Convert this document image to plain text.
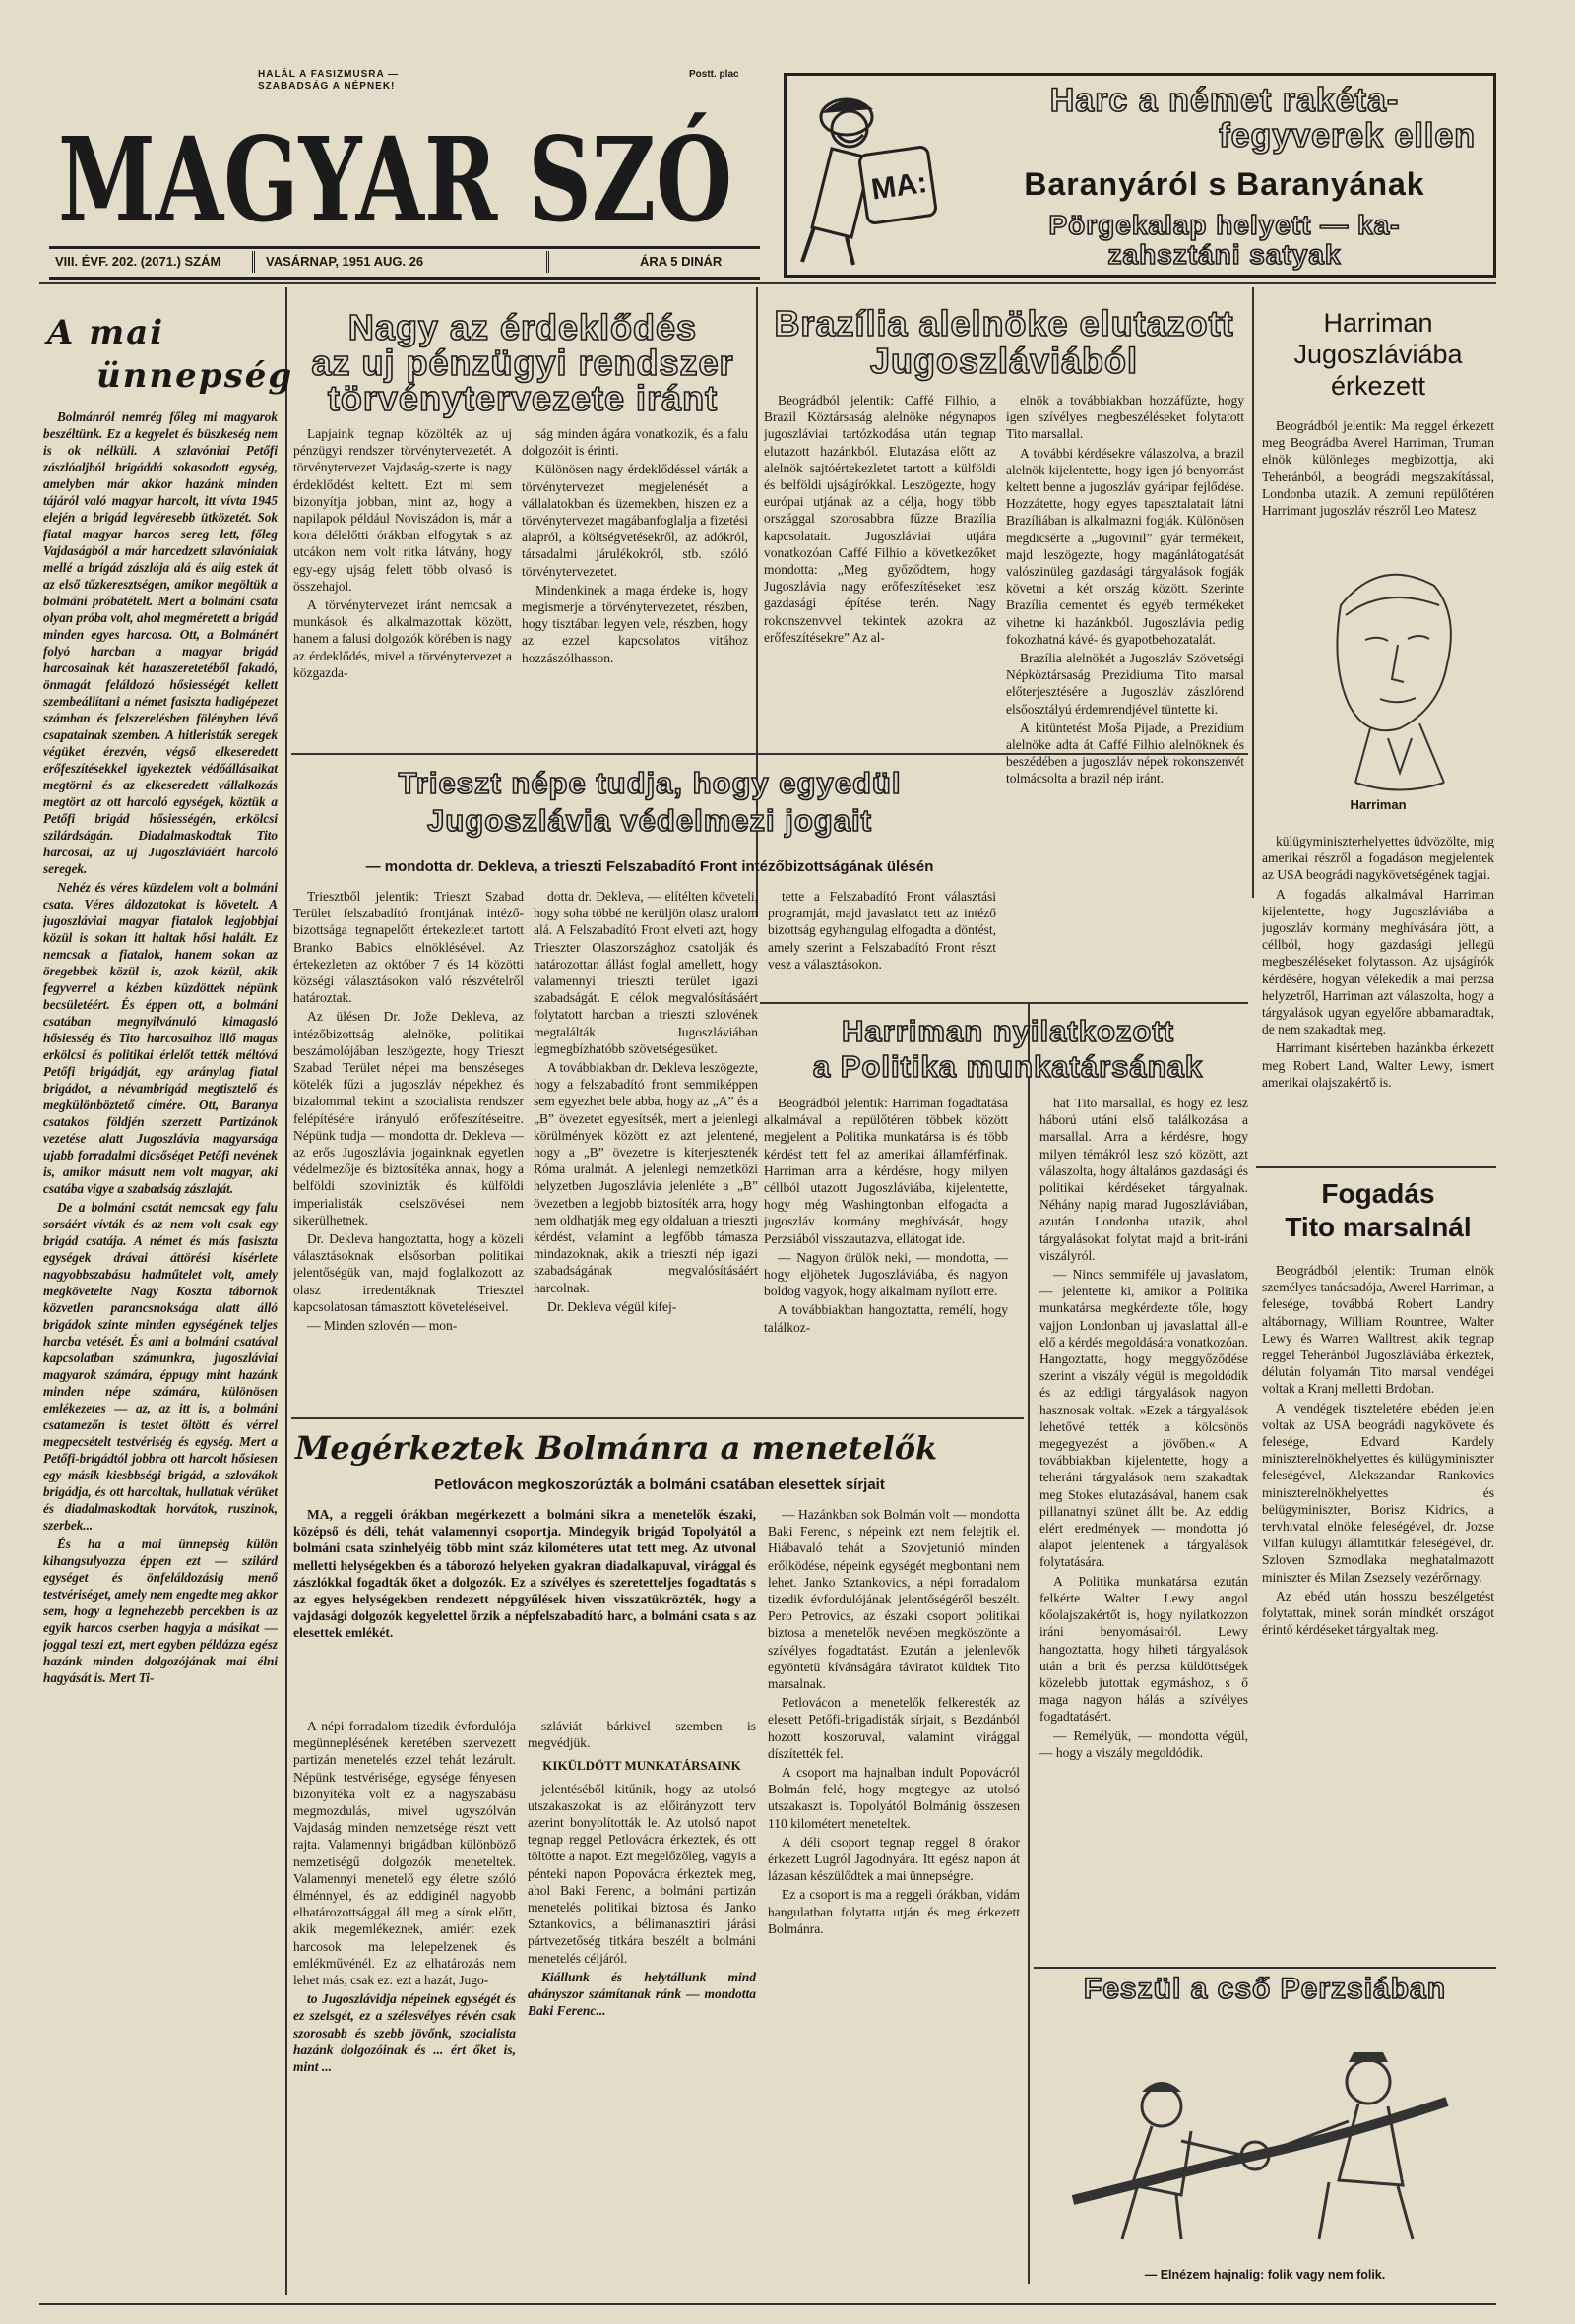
HALÁL A FASIZMUSRA — SZABADSÁG A NÉPNEK!
Postt. plac
MAGYAR SZÓ
VIII. ÉVF. 202. (2071.) SZÁM	VASÁRNAP, 1951 AUG. 26	ÁRA 5 DINÁR
MA:
Harc a német rakéta-
fegyverek ellen
Baranyáról s Baranyának
Pörgekalap helyett — ka-
zahsztáni satyak
A mai
ünnepség

Bolmánról nemrég főleg mi magyarok beszéltünk. Ez a kegyelet és büszkeség nem is ok nélküli. A szlavóniai Petőfi zászlóaljból brigáddá sokasodott egység, amelyben már akkor hazánk minden tájáról való magyar harcolt, itt vívta 1945 elején a brigád legvéresebb ütközetét. Sok fiatal magyar harcos sereg lett, főleg Vajdaságból a már harcedzett szlavóniaiak mellé a brigád zászlója alá és alig estek át az első tűzkeresztségen, amikor megöltük a bolmáni próbatételt. Mert a bolmáni csata olyan próba volt, ahol megméretett a brigád minden egyes harcosa. Ott, a Bolmánért folyó harcban a magyar brigád harcosainak két hazaszeretetéből fakadó, önmagát feláldozó hősiességét kellett szembeállítani a német fasiszta hadigépezet számban és felszerelésben fölényben lévő csapatainak szemben. A hitleristák seregek végüket érezvén, végső elkeseredett erőfeszítésekkel igyekeztek védőállásaikat megtörni és az elkeseredett vállalkozás megtört az ott harcoló egységek, köztük a Petőfi brigád hősiességén, erkölcsi szilárdságán. Diadalmaskodtak Tito harcosai, az uj Jugoszláviáért harcoló seregek.

Nehéz és véres küzdelem volt a bolmáni csata. Véres áldozatokat is követelt. A jugoszláviai magyar fiatalok legjobbjai közül is sokan itt haltak hősi halált. Ez nemcsak a fiatalok, hanem sokan az öregebbek közül is, azok közül, akik fegyverrel a kézben küzdöttek népünk becsületéért. És éppen ott, a bolmáni csatában megnyilvánuló kimagasló hősiesség és Tito harcosaihoz illő magas erkölcsi és politikai érlelőt tették méltóvá Petőfi brigádját, egy aránylag fiatal brigádot, a névambrigád megtisztelő és megkülönböztető címére. Ott, Baranya csatakos földjén szerzett Partizánok vezetése alatt Jugoszlávia magyarsága ujabb forradalmi dicsőséget Petőfi nevének is, amikor másutt nem volt magyar, aki csatába vigye a szabadság zászlaját.

De a bolmáni csatát nemcsak egy falu sorsáért vívták és az nem volt csak egy brigád csatája. A német és más fasiszta egységek drávai áttörési kísérlete nagyobbszabásu hadműtelet volt, amely megkövetelte Nagy Koszta tábornok közvetlen parancsnoksága alatt álló brigádok szinte minden egységének teljes harcba vetését. És ami a bolmáni csatával kapcsolatban számunkra, jugoszláviai magyarok számára, éppugy mint hazánk minden népe számára, különösen emlékezetes — az, az itt is, a bolmáni csatamezőn is testet öltött és vérrel megpecsételt testvériség és egység. Mert a Petőfi-brigádtól jobbra ott harcolt hősiesen egy másik kiesbbségi brigád, a szlovákok brigádja, és ott harcoltak, hullattak vérüket és diadalmaskodtak horvátok, ruszinok, szerbek...

És ha a mai ünnepség külön kihangsulyozza éppen ezt — szilárd egységet és önfeláldozásig menő testvériséget, amely nem engedte meg akkor sem, hogy a legnehezebb percekben is az egyik harcos cserben hagyja a másikat — joggal teszi ezt, mert egyben példázza egész hazánk minden dolgozójának mai élni hagyását is. Mert Ti-

Nagy az érdeklődés
az uj pénzügyi rendszer
törvénytervezete iránt

Lapjaink tegnap közölték az uj pénzügyi rendszer törvénytervezetét. A törvénytervezet Vajdaság-szerte is nagy érdeklődést keltett. Ezt mi sem bizonyítja jobban, mint az, hogy a napilapok például Noviszádon is, már a kora délelőtti órákban elfogytak s az utcákon nem volt ritka látvány, hogy egy-egy ujság felett több olvasó is összehajol.

A törvénytervezet iránt nemcsak a munkások és alkalmazottak között, hanem a falusi dolgozók körében is nagy az érdeklődés, mivel a törvénytervezet a közgazda-

ság minden ágára vonatkozik, és a falu dolgozóit is érinti.

Különösen nagy érdeklődéssel várták a törvénytervezet megjelenését a vállalatokban és üzemekben, hiszen ez a törvénytervezet magábanfoglalja a fizetési alapról, a költségvetésekről, az adókról, társadalmi járulékokról, stb. szóló törvénytervezetet.

Mindenkinek a maga érdeke is, hogy megismerje a törvénytervezetet, részben, hogy tisztában legyen vele, részben, hogy az ezzel kapcsolatos vitához hozzászólhasson.

Brazília alelnöke elutazott
Jugoszláviából

Beográdból jelentik: Caffé Filhio, a Brazil Köztársaság alelnöke négynapos jugoszláviai tartózkodása után tegnap elutazott hazánkból. Elutazása előtt az alelnök sajtóértekezletet tartott a külföldi és belföldi ujságírókkal. Leszögezte, hogy európai utjának az a célja, hogy több országgal szorosabbra fűzze Brazília kapcsolatait. Jugoszláviai utjára vonatkozóan Caffé Filhio a következőket mondotta: „Meg győződtem, hogy Jugoszlávia nagy erőfeszítéseket tesz gazdasági építése terén. Nagy rokonszenvvel tekintek azokra az erőfeszítésekre” Az al-

elnök a továbbiakban hozzáfűzte, hogy igen szívélyes megbeszéléseket folytatott Tito marsallal.

A további kérdésekre válaszolva, a brazil alelnök kijelentette, hogy igen jó benyomást keltett benne a jugoszláv gyáripar fejlődése. Hozzátette, hogy egyes tapasztalatait látni Brazíliában is alkalmazni fogják. Különösen megdicsérte a „Jugovinil” gyár termékeit, majd leszögezte, hogy magánlátogatását valószinüleg gazdasági tárgyalások fogják követni a két ország között. Szerinte Brazília cementet és egyéb termékeket vihetne ki hazánkból. Jugoszlávia pedig fokozhatná kávé- és gyapotbehozatalát.

Brazília alelnökét a Jugoszláv Szövetségi Népköztársaság Prezidiuma Tito marsal előterjesztésére a Jugoszláv zászlórend elsőosztályú érdemrendjével tüntette ki.

A kitüntetést Moša Pijade, a Prezidium alelnöke adta át Caffé Filhio alelnöknek és beszédében a jugoszláv népek rokonszenvét tolmácsolta a brazil nép iránt.

Harriman
Jugoszláviába
érkezett

Beográdból jelentik: Ma reggel érkezett meg Beográdba Averel Harriman, Truman elnök különleges megbizottja, aki Teheránból, a beográdi megszakítással, Londonba utazik. A zemuni repülőtéren Harrimant jugoszláv részről Leo Matesz

Harriman

külügyminiszterhelyettes üdvözölte, mig amerikai részről a fogadáson megjelentek az USA beográdi nagykövetségének tagjai.

A fogadás alkalmával Harriman kijelentette, hogy Jugoszláviába a jugoszláv kormány meghívására jött, a céllból, hogy gazdasági jellegü megbeszéléseket folytasson. Az ujságírók kérdésére, hogyan vélekedik a mai perzsa helyzetről, Harriman azt válaszolta, hogy a tárgyalások ugyan egyelőre abbamaradtak, de nem szakadtak meg.

Harrimant kisérteben hazánkba érkezett meg Robert Land, Walter Lewy, ismert amerikai olajszakértő is.

Trieszt népe tudja, hogy egyedül
Jugoszlávia védelmezi jogait
— mondotta dr. Dekleva, a trieszti Felszabadító Front intézőbizottságának ülésén

Triesztből jelentik: Trieszt Szabad Terület felszabadító frontjának intéző-bizottsága tegnapelőtt értekezletet tartott Branko Babics elnöklésével. Az értekezleten az október 7 és 14 közötti községi választásokon való részvételről határoztak.

Az ülésen Dr. Jože Dekleva, az intézőbizottság alelnöke, politikai beszámolójában leszögezte, hogy Trieszt Szabad Terület népei ma benszéseges kötelék fűzi a jugoszláv népekhez és bizalommal tekint a szocialista rendszer felépítésére irányuló erőfeszítéseitre. Népünk tudja — mondotta dr. Dekleva — az erős Jugoszlávia jogainknak egyetlen védelmezője és biztosítéka annak, hogy a belföldi szovinizták és külföldi imperialisták cselszövései nem sikerülhetnek.

Dr. Dekleva hangoztatta, hogy a közeli választásoknak elsősorban politikai jelentőségük van, majd foglalkozott az olasz irredentáknak Triesztel kapcsolatosan támasztott követeléseivel.

— Minden szlovén — mon-

dotta dr. Dekleva, — elítélten követeli, hogy soha többé ne kerüljön olasz uralom alá. A Felszabadító Front elveti azt, hogy Trieszter Olaszországhoz csatolják és határozottan állást foglal amellett, hogy valamennyi trieszti terület igazi szabadságát. E célok megvalósításáért folytatott harcban a trieszti szlovének megtalálták Jugoszláviában legmegbízhatóbb szövetségesüket.

A továbbiakban dr. Dekleva leszögezte, hogy a felszabadító front semmiképpen sem egyezhet bele abba, hogy az „A” és a „B” övezetet egyesítsék, mert a jelenlegi körülmények között ez azt jelentené, hogy a „B” övezetre is kiterjesztenék Róma uralmát. A jelenlegi nemzetközi helyzetben Jugoszlávia jelenléte a „B” övezetben a legjobb biztosíték arra, hogy nem oldhatják meg egy oldaluan a trieszti kérdést, valamint a legfőbb támasza mindazoknak, akik a trieszti nép igazi szabadságának megvalósításáért harcolnak.

Dr. Dekleva végül kifej-

tette a Felszabadító Front választási programját, majd javaslatot tett az intéző bizottság egyhangulag elfogadta a döntést, amely szerint a Felszabadító Front részt vesz a választásokon.

Harriman nyilatkozott
a Politika munkatársának

Beográdból jelentik: Harriman fogadtatása alkalmával a repülőtéren többek között megjelent a Politika munkatársa is és több kérdést tett fel az amerikai államférfinak. Harriman arra a kérdésre, hogy milyen céllból utazott Jugoszláviába, kijelentette, hogy még Washingtonban elfogadta a jugoszláv kormány meghívását, hogy Perzsiából visszautazva, ellátogat ide.

— Nagyon örülök neki, — mondotta, — hogy eljöhetek Jugoszláviába, és nagyon boldog vagyok, hogy alkalmam nyílott erre.

A továbbiakban hangoztatta, remélí, hogy találkoz-

hat Tito marsallal, és hogy ez lesz háború utáni első találkozása a marsallal. Arra a kérdésre, hogy milyen témákról lesz szó között, azt válaszolta, hogy általános gazdasági és politikai kérdéseket tárgyalnak. Néhány napig marad Jugoszláviában, azután Londonba utazik, ahol tárgyalásokat folytat majd a brit-iráni viszályról.

— Nincs semmiféle uj javaslatom, — jelentette ki, amikor a Politika munkatársa megkérdezte tőle, hogy vajjon Londonban uj javaslattal áll-e elő a kérdés megoldására vonatkozóan. Hangoztatta, hogy meggyőződése szerint a viszály végül is megoldódik és az eddigi tárgyalások nagyon hasznosak voltak. »Ezek a tárgyalások lehetővé tették a kölcsönös megegyezést a jövőben.« A továbbiakban kijelentette, hogy a teheráni tárgyalások nem szakadtak meg Stokes elutazásával, hanem csak pillanatnyi szünet állt be. Az eddig elért eredmények — mondotta jó alapot jelentenek a tárgyalások folytatására.

A Politika munkatársa ezután felkérte Walter Lewy angol kőolajszakértőt is, hogy nyilatkozzon iráni benyomásairól. Lewy hangoztatta, hogy hiheti tárgyalások után a brit és perzsa küldöttségek közelebb jutottak egymáshoz, s ő maga nagyon hálás a szívélyes fogadtatásért.

— Remélyük, — mondotta végül, — hogy a viszály megoldódik.

Fogadás
Tito marsalnál

Beográdból jelentik: Truman elnök személyes tanácsadója, Awerel Harriman, a felesége, továbbá Robert Landry altábornagy, William Rountree, Walter Lewy és Warren Walltrest, akik tegnap reggel Teheránból Jugoszláviába érkeztek, délután folyamán Tito marsal vendégei voltak a Kranj melletti Brdoban.

A vendégek tiszteletére ebéden jelen voltak az USA beográdi nagykövete és felesége, Edvard Kardely miniszterelnökhelyettes és külügyminiszter feleségével, Alekszandar Rankovics miniszterelnökhelyettes és belügyminiszter, Borisz Kidrics, a tervhivatal elnöke feleségével, dr. Jozse Vilfan külügyi államtitkár feleségével, dr. Szloven Szmodlaka meghatalmazott miniszter és Milan Zsezsely vezérőrnagy.

Az ebéd után hosszu beszélgetést folytattak, minek során mindkét országot érintő kérdéseket tárgyaltak meg.

Megérkeztek Bolmánra a menetelők
Petlovácon megkoszorúzták a bolmáni csatában elesettek sírjait

MA, a reggeli órákban megérkezett a bolmáni sikra a menetelők északi, középső és déli, tehát valamennyi csoportja. Mindegyik brigád Topolyától a bolmáni csata szinhelyéig több mint száz kilométeres utat tett meg. Az utvonal melletti helységekben és a táborozó helyeken gyakran diadalkapuval, virággal és zászlókkal fogadták őket a dolgozók. Ez a szívélyes és szeretetteljes fogadtatás s az egyes helységekben rendezett népgyűlések hiven visszatükrözték, hogy a vajdasági dolgozók kegyelettel őrzik a népfelszabadító harc, a bolmáni csata s az elesettek emlékét.

A népi forradalom tizedik évfordulója megünneplésének keretében szervezett partizán menetelés ezzel tehát lezárult. Népünk testvérisége, egysége fényesen bizonyítéka volt ez a nagyszabásu megmozdulás, mivel ugyszólván Vajdaság minden nemzetsége részt vett rajta. Valamennyi brigádban különböző nemzetiségű dolgozók meneteltek. Valamennyi menetelő egy életre szóló élménnyel, és az eddiginél nagyobb elhatározottsággal áll meg a sírok előtt, akik megemlékeznek, amiért ezek harcosok ma lelepelzenek és emlékművénél. Ez az elhatározás nem lehet más, csak ez: ezt a hazát, Jugo-

to Jugoszlávidja népeinek egységét és ez szelsgét, ez a szélesvélyes révén csak szorosabb és szebb jövőnk, szocialista hazánk dolgozóinak és ... ért őket is, mint ...

szláviát bárkivel szemben is megvédjük.

KIKÜLDÖTT MUNKATÁRSAINK

jelentéséből kitűnik, hogy az utolsó utszakaszokat is az előirányzott terv azerint bonyolították le. Az utolsó napot tegnap reggel Petlovácra érkeztek, és ott töltötte a napot. Ezt megelőzőleg, vagyis a pénteki napon Popovácra érkeztek meg, ahol Baki Ferenc, a bolmáni partizán menetelés politikai biztosa és Janko Sztankovics, a bélimanasztiri járási pártvezetőség titkára beszélt a bolmáni menetelés céljáról.

Kiállunk és helytállunk mind ahányszor számítanak ránk — mondotta Baki Ferenc...

— Hazánkban sok Bolmán volt — mondotta Baki Ferenc, s népeink ezt nem felejtik el. Hiábavaló tehát a Szovjetunió minden erőlködése, népeink egységét megbontani nem lehet. Janko Sztankovics, a népi forradalom tizedik évfordulójának jelentőségéről beszélt. Pero Petrovics, az északi csoport politikai biztosa a menetelők nevében megköszönte a szívélyes fogadtatást. Ezután a jelenlevők egyöntetü kívánságára táviratot küldtek Tito marsalnak.

Petlovácon a menetelők felkeresték az elesett Petőfi-brigadisták sírjait, s Bezdánból hozott koszoruval, valamint virággal díszítették fel.

A csoport ma hajnalban indult Popovácról Bolmán felé, hogy megtegye az utolsó utszakaszt is. Topolyától Bolmánig összesen 110 kilométert meneteltek.

A déli csoport tegnap reggel 8 órakor érkezett Lugról Jagodnyára. Itt egész napon át lázasan készülődtek a mai ünnepségre.

Ez a csoport is ma a reggeli órákban, vidám hangulatban folytatta utján és meg érkezett Bolmánra.

Feszül a cső Perzsiában
— Elnézem hajnalig: folik vagy nem folik.
